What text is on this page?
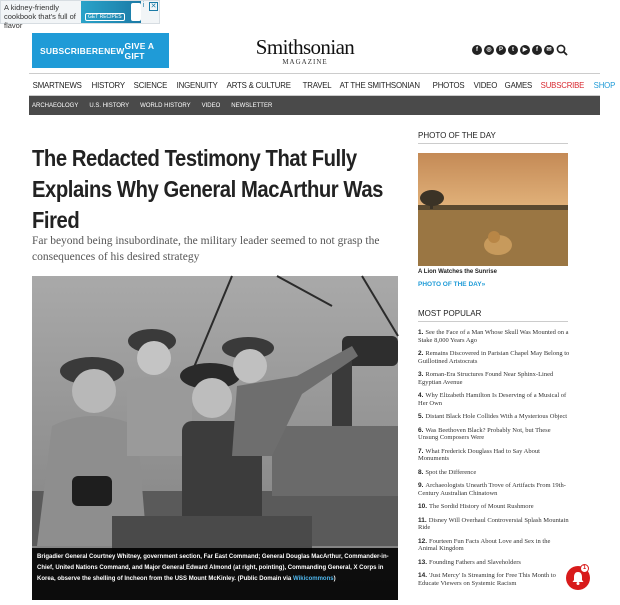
A kidney-friendly cookbook that's full of flavor
GET RECIPES
i ✕
SUBSCRIBE RENEW GIVE A GIFT	Smithsonian
MAGAZINE
f	◎	P	t	▶	f	✉
SMARTNEWS	HISTORY	SCIENCE	INGENUITY	ARTS & CULTURE	TRAVEL	AT THE SMITHSONIAN	PHOTOS	VIDEO GAMES SUBSCRIBE	SHOP
ARCHAEOLOGY U.S. HISTORY WORLD HISTORY VIDEO NEWSLETTER
The Redacted Testimony That Fully Explains Why General MacArthur Was Fired

Far beyond being insubordinate, the military leader seemed to not grasp the consequences of his desired strategy

Brigadier General Courtney Whitney, government section, Far East Command; General Douglas MacArthur, Commander-in-Chief, United Nations Command, and Major General Edward Almond (at right, pointing), Commanding General, X Corps in Korea, observe the shelling of Incheon from the USS Mount McKinley. (Public Domain via Wikicommons)
PHOTO OF THE DAY
A Lion Watches the Sunrise
PHOTO OF THE DAY»
MOST POPULAR
1. See the Face of a Man Whose Skull Was Mounted on a Stake 8,000 Years Ago
2. Remains Discovered in Parisian Chapel May Belong to Guillotined Aristocrats
3. Roman-Era Structures Found Near Sphinx-Lined Egyptian Avenue
4. Why Elizabeth Hamilton Is Deserving of a Musical of Her Own
5. Distant Black Hole Collides With a Mysterious Object
6. Was Beethoven Black? Probably Not, but These Unsung Composers Were
7. What Frederick Douglass Had to Say About Monuments
8. Spot the Difference
9. Archaeologists Unearth Trove of Artifacts From 19th-Century Australian Chinatown
10. The Sordid History of Mount Rushmore
11. Disney Will Overhaul Controversial Splash Mountain Ride
12. Fourteen Fun Facts About Love and Sex in the Animal Kingdom
13. Founding Fathers and Slaveholders
14. 'Just Mercy' Is Streaming for Free This Month to Educate Viewers on Systemic Racism
1
